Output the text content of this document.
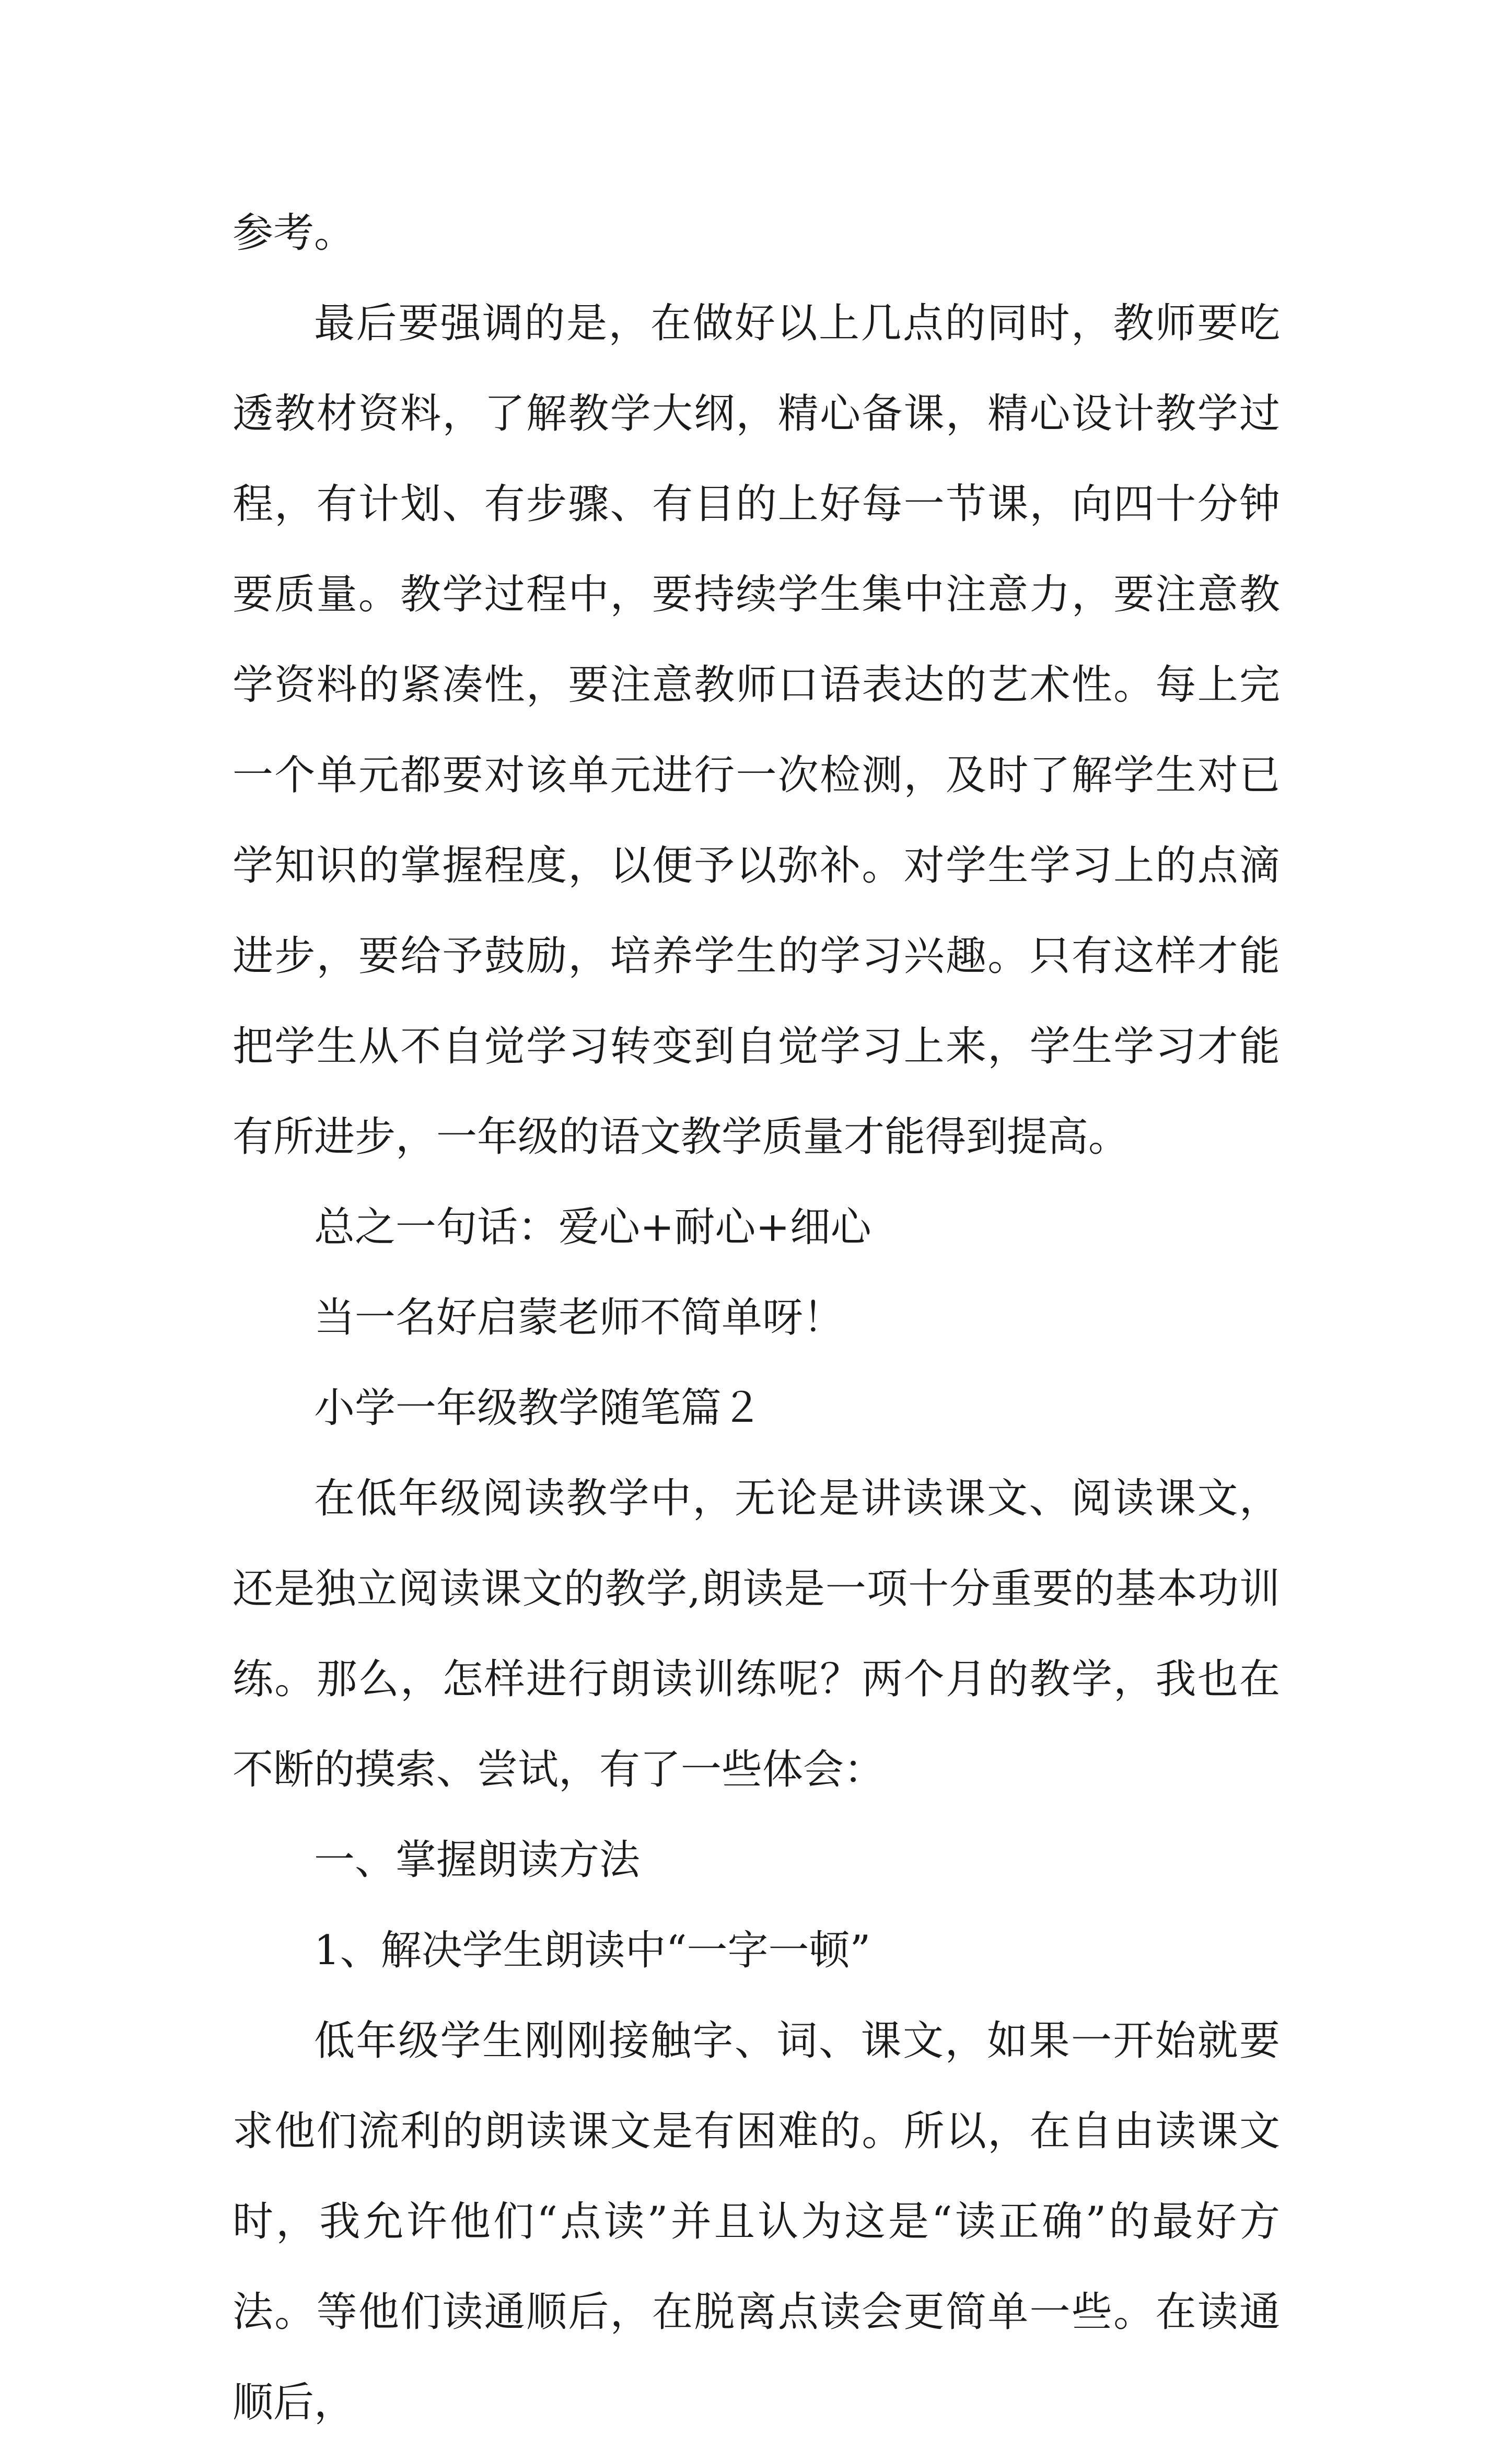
参考。

最后要强调的是，在做好以上几点的同时，教师要吃透教材资料，了解教学大纲，精心备课，精心设计教学过程，有计划、有步骤、有目的上好每一节课，向四十分钟要质量。教学过程中，要持续学生集中注意力，要注意教学资料的紧凑性，要注意教师口语表达的艺术性。每上完一个单元都要对该单元进行一次检测，及时了解学生对已学知识的掌握程度，以便予以弥补。对学生学习上的点滴进步，要给予鼓励，培养学生的学习兴趣。只有这样才能把学生从不自觉学习转变到自觉学习上来，学生学习才能有所进步，一年级的语文教学质量才能得到提高。

总之一句话：爱心+耐心+细心

当一名好启蒙老师不简单呀！

小学一年级教学随笔篇２

在低年级阅读教学中，无论是讲读课文、阅读课文，还是独立阅读课文的教学,朗读是一项十分重要的基本功训练。那么，怎样进行朗读训练呢？两个月的教学，我也在不断的摸索、尝试，有了一些体会：

一、掌握朗读方法

1、解决学生朗读中“一字一顿”

低年级学生刚刚接触字、词、课文，如果一开始就要求他们流利的朗读课文是有困难的。所以，在自由读课文时，我允许他们“点读”并且认为这是“读正确”的最好方法。等他们读通顺后，在脱离点读会更简单一些。在读通顺后，
